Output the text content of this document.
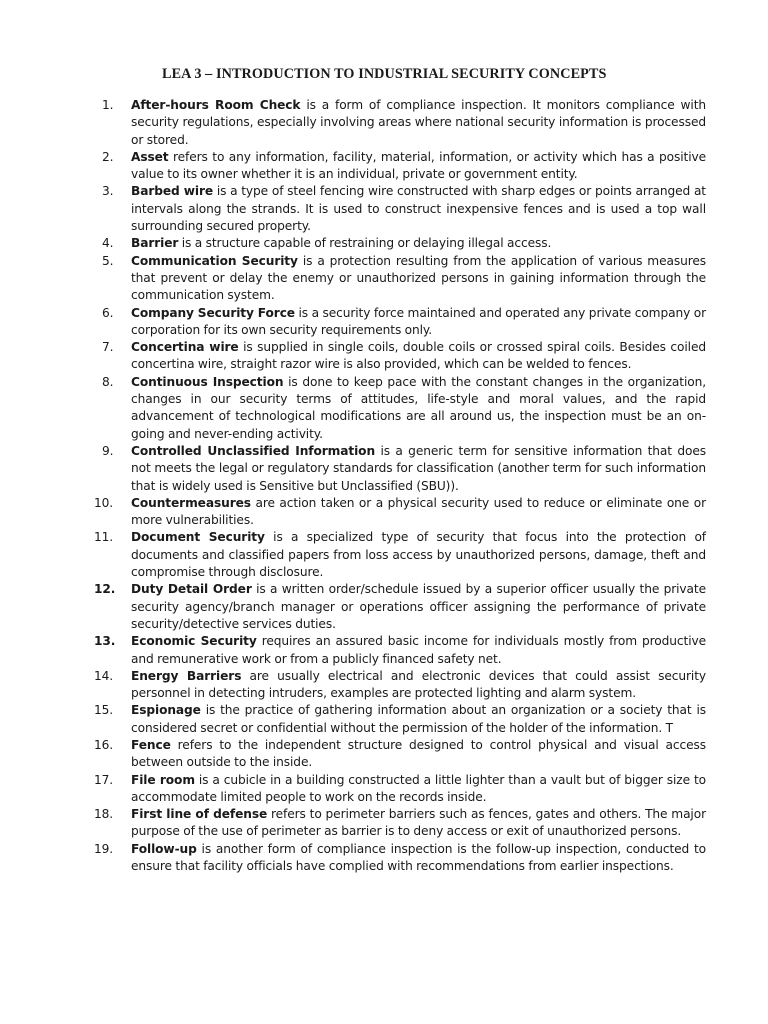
LEA 3 – INTRODUCTION TO INDUSTRIAL SECURITY CONCEPTS
1. After-hours Room Check is a form of compliance inspection. It monitors compliance with security regulations, especially involving areas where national security information is processed or stored.
2. Asset refers to any information, facility, material, information, or activity which has a positive value to its owner whether it is an individual, private or government entity.
3. Barbed wire is a type of steel fencing wire constructed with sharp edges or points arranged at intervals along the strands. It is used to construct inexpensive fences and is used a top wall surrounding secured property.
4. Barrier is a structure capable of restraining or delaying illegal access.
5. Communication Security is a protection resulting from the application of various measures that prevent or delay the enemy or unauthorized persons in gaining information through the communication system.
6. Company Security Force is a security force maintained and operated any private company or corporation for its own security requirements only.
7. Concertina wire is supplied in single coils, double coils or crossed spiral coils. Besides coiled concertina wire, straight razor wire is also provided, which can be welded to fences.
8. Continuous Inspection is done to keep pace with the constant changes in the organization, changes in our security terms of attitudes, life-style and moral values, and the rapid advancement of technological modifications are all around us, the inspection must be an on-going and never-ending activity.
9. Controlled Unclassified Information is a generic term for sensitive information that does not meets the legal or regulatory standards for classification (another term for such information that is widely used is Sensitive but Unclassified (SBU)).
10. Countermeasures are action taken or a physical security used to reduce or eliminate one or more vulnerabilities.
11. Document Security is a specialized type of security that focus into the protection of documents and classified papers from loss access by unauthorized persons, damage, theft and compromise through disclosure.
12. Duty Detail Order is a written order/schedule issued by a superior officer usually the private security agency/branch manager or operations officer assigning the performance of private security/detective services duties.
13. Economic Security requires an assured basic income for individuals mostly from productive and remunerative work or from a publicly financed safety net.
14. Energy Barriers are usually electrical and electronic devices that could assist security personnel in detecting intruders, examples are protected lighting and alarm system.
15. Espionage is the practice of gathering information about an organization or a society that is considered secret or confidential without the permission of the holder of the information. T
16. Fence refers to the independent structure designed to control physical and visual access between outside to the inside.
17. File room is a cubicle in a building constructed a little lighter than a vault but of bigger size to accommodate limited people to work on the records inside.
18. First line of defense refers to perimeter barriers such as fences, gates and others. The major purpose of the use of perimeter as barrier is to deny access or exit of unauthorized persons.
19. Follow-up is another form of compliance inspection is the follow-up inspection, conducted to ensure that facility officials have complied with recommendations from earlier inspections.
